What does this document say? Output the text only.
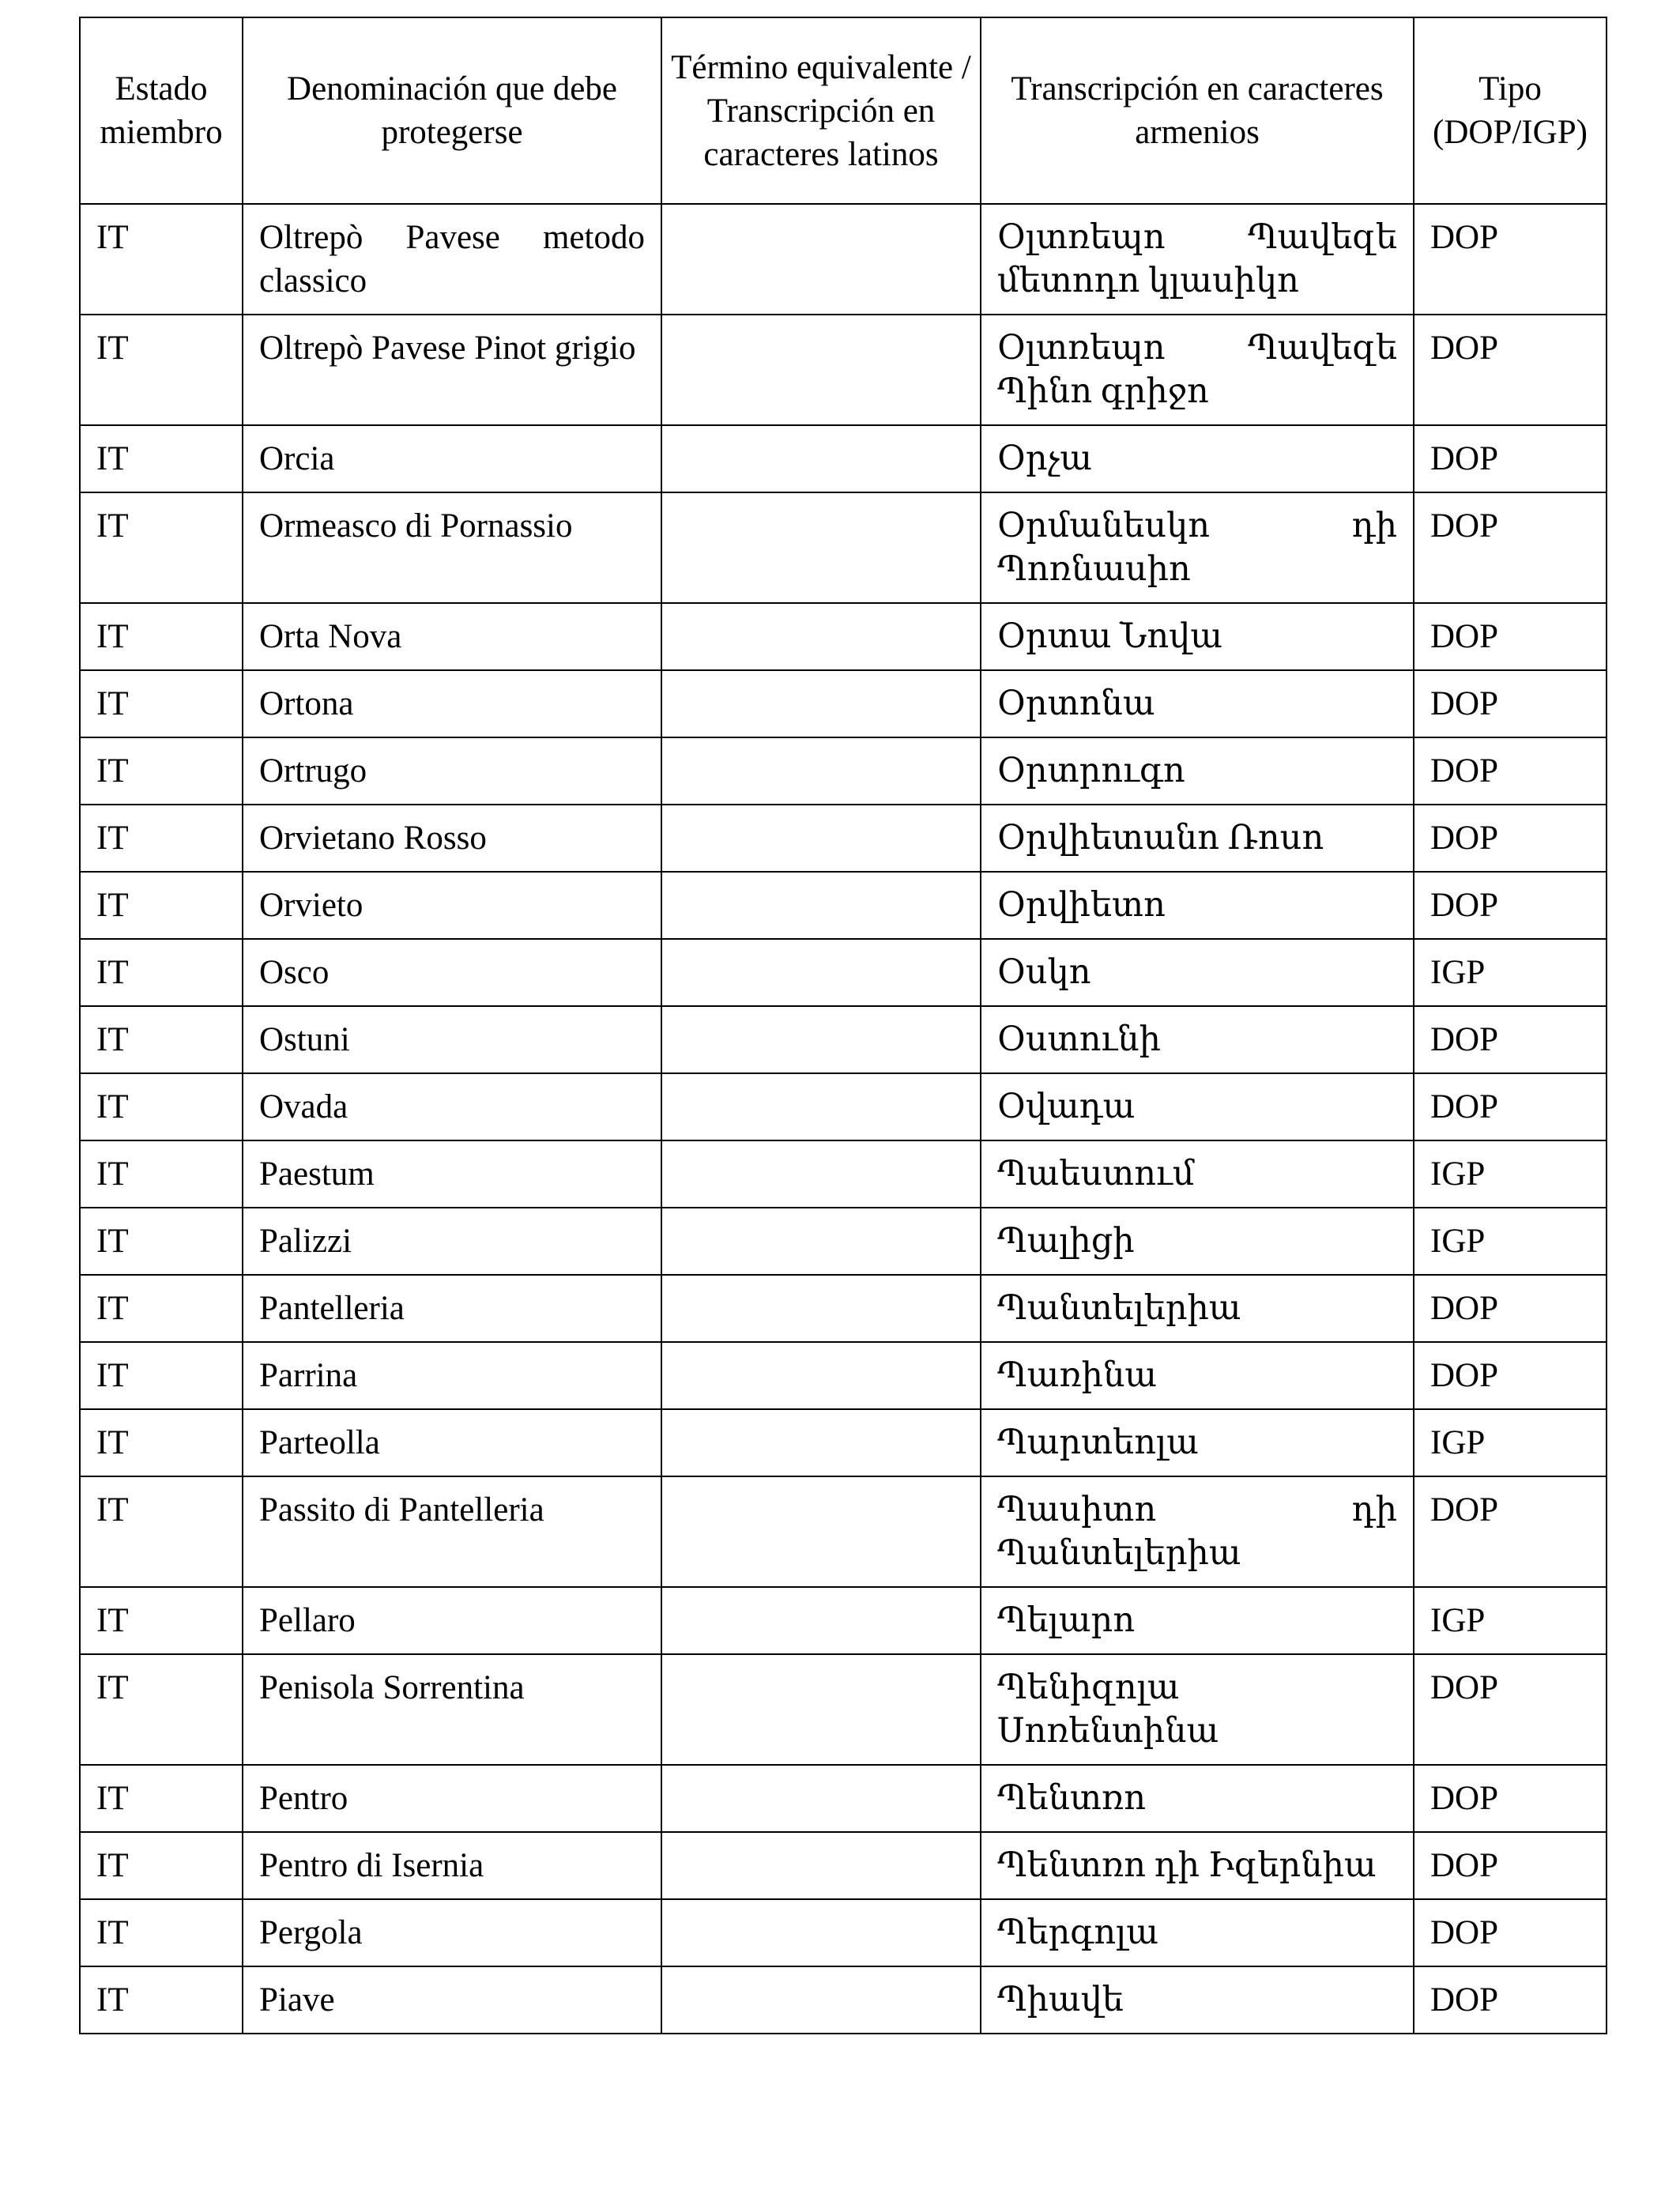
Estado miembro	Denominación que debe protegerse	Término equivalente / Transcripción en caracteres latinos	Transcripción en caracteres armenios	Tipo (DOP/IGP)
IT	Oltrepò Pavese metodo classico		Օլտռեպո Պավեզե մետոդո կլասիկո	DOP
IT	Oltrepò Pavese Pinot grigio		Օլտռեպո Պավեզե Պինո գրիջո	DOP
IT	Orcia		Օրչա	DOP
IT	Ormeasco di Pornassio		Օրմանեսկո դի Պոռնասիո	DOP
IT	Orta Nova		Օրտա Նովա	DOP
IT	Ortona		Օրտոնա	DOP
IT	Ortrugo		Օրտրուգո	DOP
IT	Orvietano Rosso		Օրվիետանո Ռոսո	DOP
IT	Orvieto		Օրվիետո	DOP
IT	Osco		Օսկո	IGP
IT	Ostuni		Օստունի	DOP
IT	Ovada		Օվադա	DOP
IT	Paestum		Պաեստում	IGP
IT	Palizzi		Պալիցի	IGP
IT	Pantelleria		Պանտելերիա	DOP
IT	Parrina		Պառինա	DOP
IT	Parteolla		Պարտեոլա	IGP
IT	Passito di Pantelleria		Պասիտո դի Պանտելերիա	DOP
IT	Pellaro		Պելարո	IGP
IT	Penisola Sorrentina		Պենիզոլա Սոռենտինա	DOP
IT	Pentro		Պենտռո	DOP
IT	Pentro di Isernia		Պենտռո դի Իզերնիա	DOP
IT	Pergola		Պերգոլա	DOP
IT	Piave		Պիավե	DOP
